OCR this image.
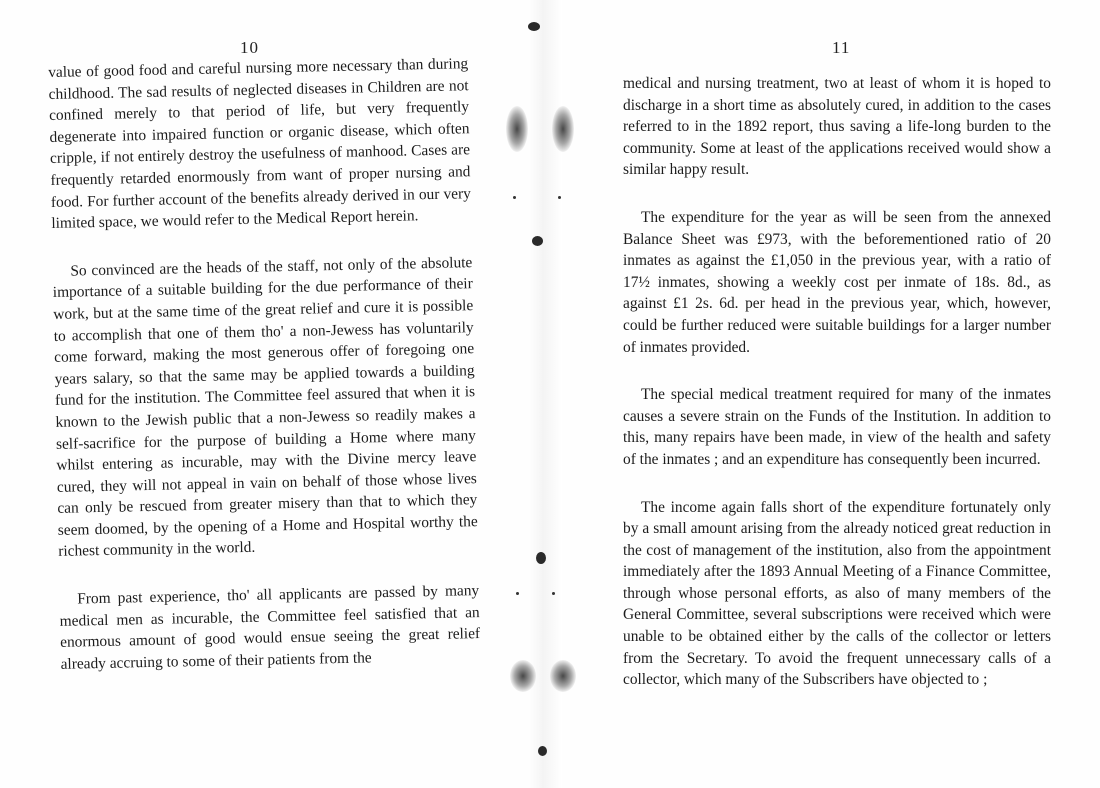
10

value of good food and careful nursing more necessary than during childhood. The sad results of neglected diseases in Children are not confined merely to that period of life, but very frequently degenerate into impaired function or organic disease, which often cripple, if not entirely destroy the usefulness of manhood. Cases are frequently retarded enormously from want of proper nursing and food. For further account of the benefits already derived in our very limited space, we would refer to the Medical Report herein.

So convinced are the heads of the staff, not only of the absolute importance of a suitable building for the due performance of their work, but at the same time of the great relief and cure it is possible to accomplish that one of them tho' a non-Jewess has voluntarily come forward, making the most generous offer of foregoing one years salary, so that the same may be applied towards a building fund for the institution. The Committee feel assured that when it is known to the Jewish public that a non-Jewess so readily makes a self-sacrifice for the purpose of building a Home where many whilst entering as incurable, may with the Divine mercy leave cured, they will not appeal in vain on behalf of those whose lives can only be rescued from greater misery than that to which they seem doomed, by the opening of a Home and Hospital worthy the richest community in the world.

From past experience, tho' all applicants are passed by many medical men as incurable, the Committee feel satisfied that an enormous amount of good would ensue seeing the great relief already accruing to some of their patients from the

11

medical and nursing treatment, two at least of whom it is hoped to discharge in a short time as absolutely cured, in addition to the cases referred to in the 1892 report, thus saving a life-long burden to the community. Some at least of the applications received would show a similar happy result.

The expenditure for the year as will be seen from the annexed Balance Sheet was £973, with the beforementioned ratio of 20 inmates as against the £1,050 in the previous year, with a ratio of 17½ inmates, showing a weekly cost per inmate of 18s. 8d., as against £1 2s. 6d. per head in the previous year, which, however, could be further reduced were suitable buildings for a larger number of inmates provided.

The special medical treatment required for many of the inmates causes a severe strain on the Funds of the Institution. In addition to this, many repairs have been made, in view of the health and safety of the inmates ; and an expenditure has consequently been incurred.

The income again falls short of the expenditure fortunately only by a small amount arising from the already noticed great reduction in the cost of management of the institution, also from the appointment immediately after the 1893 Annual Meeting of a Finance Committee, through whose personal efforts, as also of many members of the General Committee, several subscriptions were received which were unable to be obtained either by the calls of the collector or letters from the Secretary. To avoid the frequent unnecessary calls of a collector, which many of the Subscribers have objected to ;
